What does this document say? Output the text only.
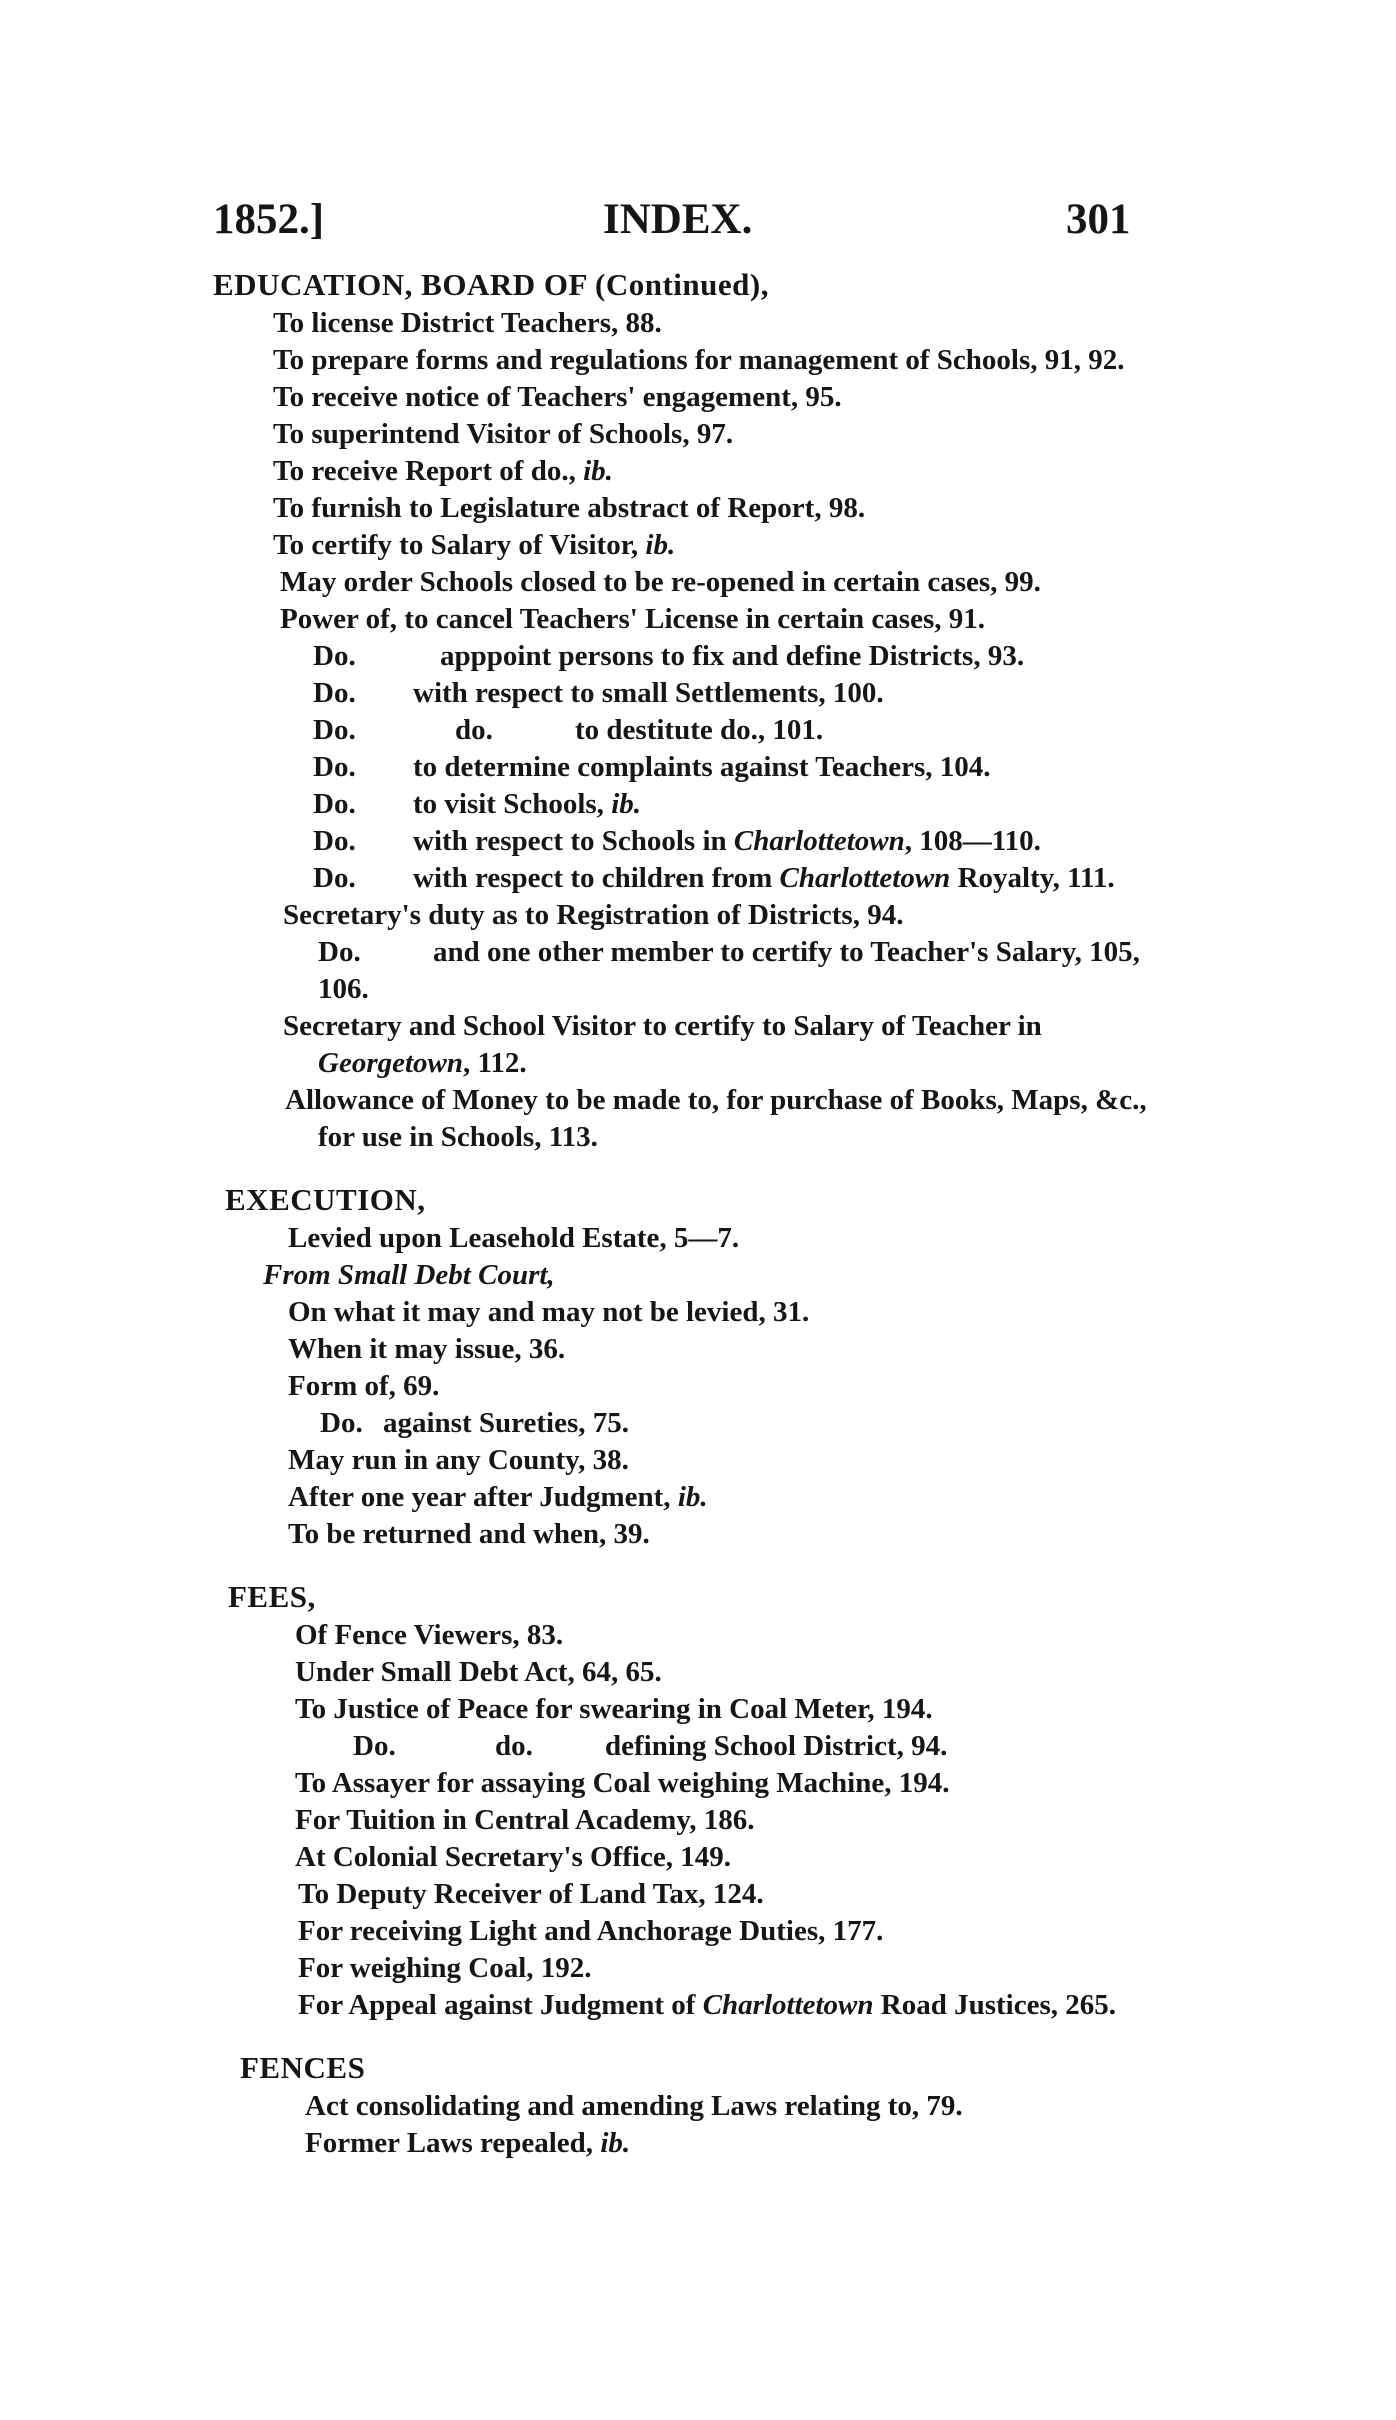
1852.]	INDEX.	301
EDUCATION, BOARD OF (Continued),
To license District Teachers, 88.
To prepare forms and regulations for management of Schools, 91, 92.
To receive notice of Teachers' engagement, 95.
To superintend Visitor of Schools, 97.
To receive Report of do., ib.
To furnish to Legislature abstract of Report, 98.
To certify to Salary of Visitor, ib.
May order Schools closed to be re-opened in certain cases, 99.
Power of, to cancel Teachers' License in certain cases, 91.
Do.	apppoint persons to fix and define Districts, 93.
Do. with respect to small Settlements, 100.
Do.	do.	to destitute do., 101.
Do. to determine complaints against Teachers, 104.
Do. to visit Schools, ib.
Do. with respect to Schools in Charlottetown, 108—110.
Do. with respect to children from Charlottetown Royalty, 111.
Secretary's duty as to Registration of Districts, 94.
Do. and one other member to certify to Teacher's Salary, 105,
106.
Secretary and School Visitor to certify to Salary of Teacher in
Georgetown, 112.
Allowance of Money to be made to, for purchase of Books, Maps, &c.,
for use in Schools, 113.
EXECUTION,
Levied upon Leasehold Estate, 5—7.
From Small Debt Court,
On what it may and may not be levied, 31.
When it may issue, 36.
Form of, 69.
Do. against Sureties, 75.
May run in any County, 38.
After one year after Judgment, ib.
To be returned and when, 39.
FEES,
Of Fence Viewers, 83.
Under Small Debt Act, 64, 65.
To Justice of Peace for swearing in Coal Meter, 194.
Do.	do. defining School District, 94.
To Assayer for assaying Coal weighing Machine, 194.
For Tuition in Central Academy, 186.
At Colonial Secretary's Office, 149.
To Deputy Receiver of Land Tax, 124.
For receiving Light and Anchorage Duties, 177.
For weighing Coal, 192.
For Appeal against Judgment of Charlottetown Road Justices, 265.
FENCES
Act consolidating and amending Laws relating to, 79.
Former Laws repealed, ib.
